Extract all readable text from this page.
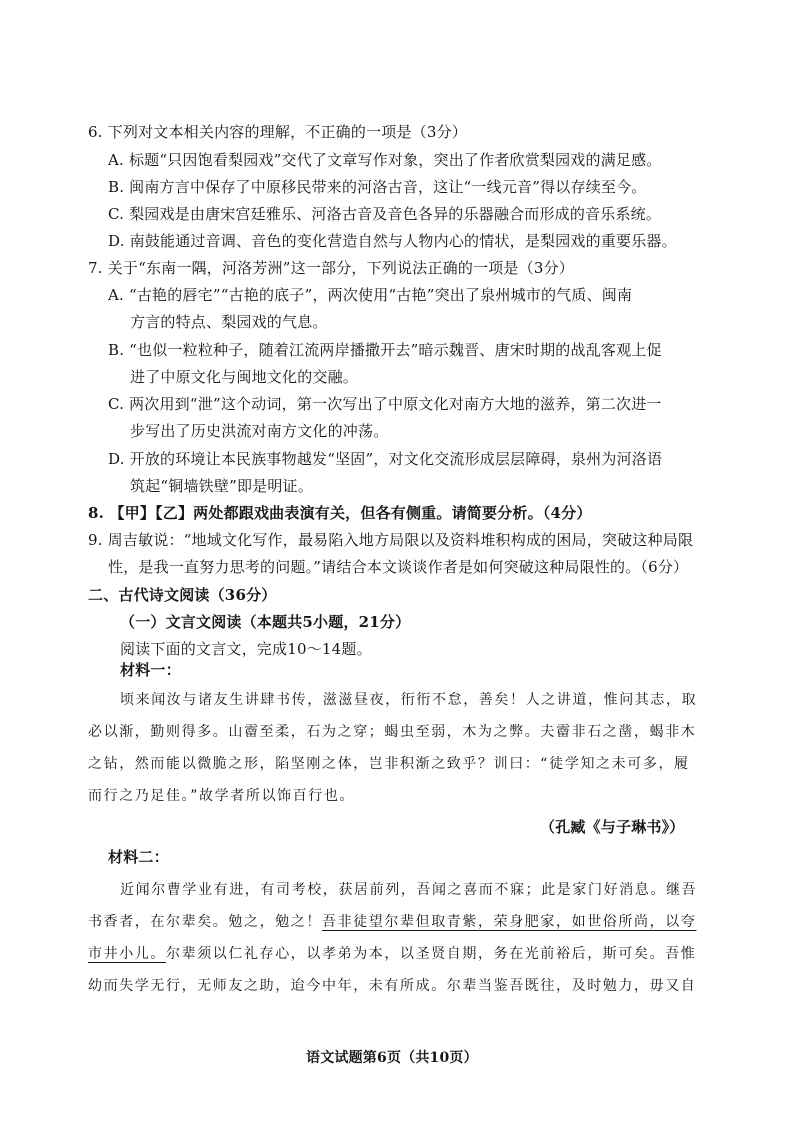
6. 下列对文本相关内容的理解，不正确的一项是（3分）
A. 标题“只因饱看梨园戏”交代了文章写作对象，突出了作者欣赏梨园戏的满足感。
B. 闽南方言中保存了中原移民带来的河洛古音，这让“一线元音”得以存续至今。
C. 梨园戏是由唐宋宫廷雅乐、河洛古音及音色各异的乐器融合而形成的音乐系统。
D. 南鼓能通过音调、音色的变化营造自然与人物内心的情状，是梨园戏的重要乐器。
7. 关于“东南一隅，河洛芳洲”这一部分，下列说法正确的一项是（3分）
A. “古艳的唇宅”“古艳的底子”，两次使用“古艳”突出了泉州城市的气质、闽南
方言的特点、梨园戏的气息。
B. “也似一粒粒种子，随着江流两岸播撒开去”暗示魏晋、唐宋时期的战乱客观上促
进了中原文化与闽地文化的交融。
C. 两次用到“泄”这个动词，第一次写出了中原文化对南方大地的滋养，第二次进一
步写出了历史洪流对南方文化的冲荡。
D. 开放的环境让本民族事物越发“坚固”，对文化交流形成层层障碍，泉州为河洛语
筑起“铜墙铁壁”即是明证。
8. 【甲】【乙】两处都跟戏曲表演有关，但各有侧重。请简要分析。（4分）
9. 周吉敏说：“地域文化写作，最易陷入地方局限以及资料堆积构成的困局，突破这种局限
性，是我一直努力思考的问题。”请结合本文谈谈作者是如何突破这种局限性的。（6分）
二、古代诗文阅读（36分）
（一）文言文阅读（本题共5小题，21分）
阅读下面的文言文，完成10～14题。
材料一：
顷来闻汝与诸友生讲肆书传，滋滋昼夜，衎衎不怠，善矣！人之讲道，惟问其志，取
必以渐，勤则得多。山霤至柔，石为之穿；蝎虫至弱，木为之弊。夫霤非石之凿，蝎非木
之钻，然而能以微脆之形，陷坚刚之体，岂非积渐之致乎？训曰：“徒学知之未可多，履
而行之乃足佳。”故学者所以饰百行也。
（孔臧《与子琳书》）
材料二：
近闻尔曹学业有进，有司考校，获居前列，吾闻之喜而不寐；此是家门好消息。继吾
书香者，在尔辈矣。勉之，勉之！吾非徒望尔辈但取青紫，荣身肥家，如世俗所尚，以夸
市井小儿。尔辈须以仁礼存心，以孝弟为本，以圣贤自期，务在光前裕后，斯可矣。吾惟
幼而失学无行，无师友之助，迨今中年，未有所成。尔辈当鉴吾既往，及时勉力，毋又自
语文试题第6页（共10页）
